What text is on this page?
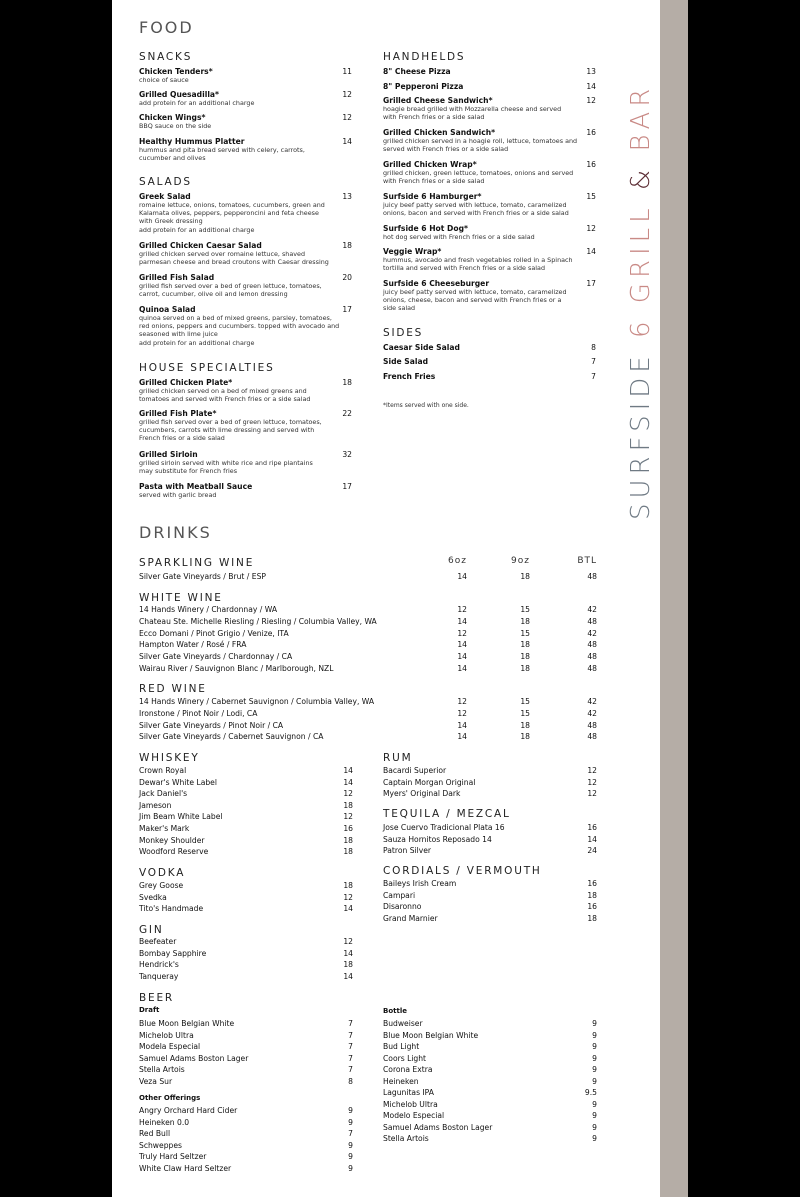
SURFSIDE 6 GRILL & BAR
FOOD
DRINKS
*Items served with one side.
SNACKS
Chicken Tenders*	11
choice of sauce
Grilled Quesadilla*	12
add protein for an additional charge
Chicken Wings*	12
BBQ sauce on the side
Healthy Hummus Platter	14
hummus and pita bread served with celery, carrots,
cucumber and olives
SALADS
Greek Salad	13
romaine lettuce, onions, tomatoes, cucumbers, green and
Kalamata olives, peppers, pepperoncini and feta cheese
with Greek dressing
add protein for an additional charge
Grilled Chicken Caesar Salad	18
grilled chicken served over romaine lettuce, shaved
parmesan cheese and bread croutons with Caesar dressing
Grilled Fish Salad	20
grilled fish served over a bed of green lettuce, tomatoes,
carrot, cucumber, olive oil and lemon dressing
Quinoa Salad	17
quinoa served on a bed of mixed greens, parsley, tomatoes,
red onions, peppers and cucumbers. topped with avocado and
seasoned with lime juice
add protein for an additional charge
HOUSE SPECIALTIES
Grilled Chicken Plate*	18
grilled chicken served on a bed of mixed greens and
tomatoes and served with French fries or a side salad
Grilled Fish Plate*	22
grilled fish served over a bed of green lettuce, tomatoes,
cucumbers, carrots with lime dressing and served with
French fries or a side salad
Grilled Sirloin	32
grilled sirloin served with white rice and ripe plantains
may substitute for French fries
Pasta with Meatball Sauce	17
served with garlic bread
HANDHELDS
8" Cheese Pizza	13
8" Pepperoni Pizza	14
Grilled Cheese Sandwich*	12
hoagie bread grilled with Mozzarella cheese and served
with French fries or a side salad
Grilled Chicken Sandwich*	16
grilled chicken served in a hoagie roll, lettuce, tomatoes and
served with French fries or a side salad
Grilled Chicken Wrap*	16
grilled chicken, green lettuce, tomatoes, onions and served
with French fries or a side salad
Surfside 6 Hamburger*	15
juicy beef patty served with lettuce, tomato, caramelized
onions, bacon and served with French fries or a side salad
Surfside 6 Hot Dog*	12
hot dog served with French fries or a side salad
Veggie Wrap*	14
hummus, avocado and fresh vegetables rolled in a Spinach
tortilla and served with French fries or a side salad
Surfside 6 Cheeseburger	17
juicy beef patty served with lettuce, tomato, caramelized
onions, cheese, bacon and served with French fries or a
side salad
SIDES
Caesar Side Salad	8
Side Salad	7
French Fries	7
6oz	9oz	BTL
SPARKLING WINE
Silver Gate Vineyards / Brut / ESP	14	18	48
WHITE WINE
14 Hands Winery / Chardonnay / WA	12	15	42
Chateau Ste. Michelle Riesling / Riesling / Columbia Valley, WA	14	18	48
Ecco Domani / Pinot Grigio / Venize, ITA	12	15	42
Hampton Water / Rosé / FRA	14	18	48
Silver Gate Vineyards / Chardonnay / CA	14	18	48
Wairau River / Sauvignon Blanc / Marlborough, NZL	14	18	48
RED WINE
14 Hands Winery / Cabernet Sauvignon / Columbia Valley, WA	12	15	42
Ironstone / Pinot Noir / Lodi, CA	12	15	42
Silver Gate Vineyards / Pinot Noir / CA	14	18	48
Silver Gate Vineyards / Cabernet Sauvignon / CA	14	18	48
WHISKEY
Crown Royal	14
Dewar's White Label	14
Jack Daniel's	12
Jameson	18
Jim Beam White Label	12
Maker's Mark	16
Monkey Shoulder	18
Woodford Reserve	18
VODKA
Grey Goose	18
Svedka	12
Tito's Handmade	14
GIN
Beefeater	12
Bombay Sapphire	14
Hendrick's	18
Tanqueray	14
RUM
Bacardi Superior	12
Captain Morgan Original	12
Myers' Original Dark	12
TEQUILA / MEZCAL
Jose Cuervo Tradicional Plata 16	16
Sauza Hornitos Reposado 14	14
Patron Silver	24
CORDIALS / VERMOUTH
Baileys Irish Cream	16
Campari	18
Disaronno	16
Grand Marnier	18
BEER
Draft
Blue Moon Belgian White	7
Michelob Ultra	7
Modela Especial	7
Samuel Adams Boston Lager	7
Stella Artois	7
Veza Sur	8
Other Offerings
Angry Orchard Hard Cider	9
Heineken 0.0	9
Red Bull	7
Schweppes	9
Truly Hard Seltzer	9
White Claw Hard Seltzer	9
Bottle
Budweiser	9
Blue Moon Belgian White	9
Bud Light	9
Coors Light	9
Corona Extra	9
Heineken	9
Lagunitas IPA	9.5
Michelob Ultra	9
Modelo Especial	9
Samuel Adams Boston Lager	9
Stella Artois	9
